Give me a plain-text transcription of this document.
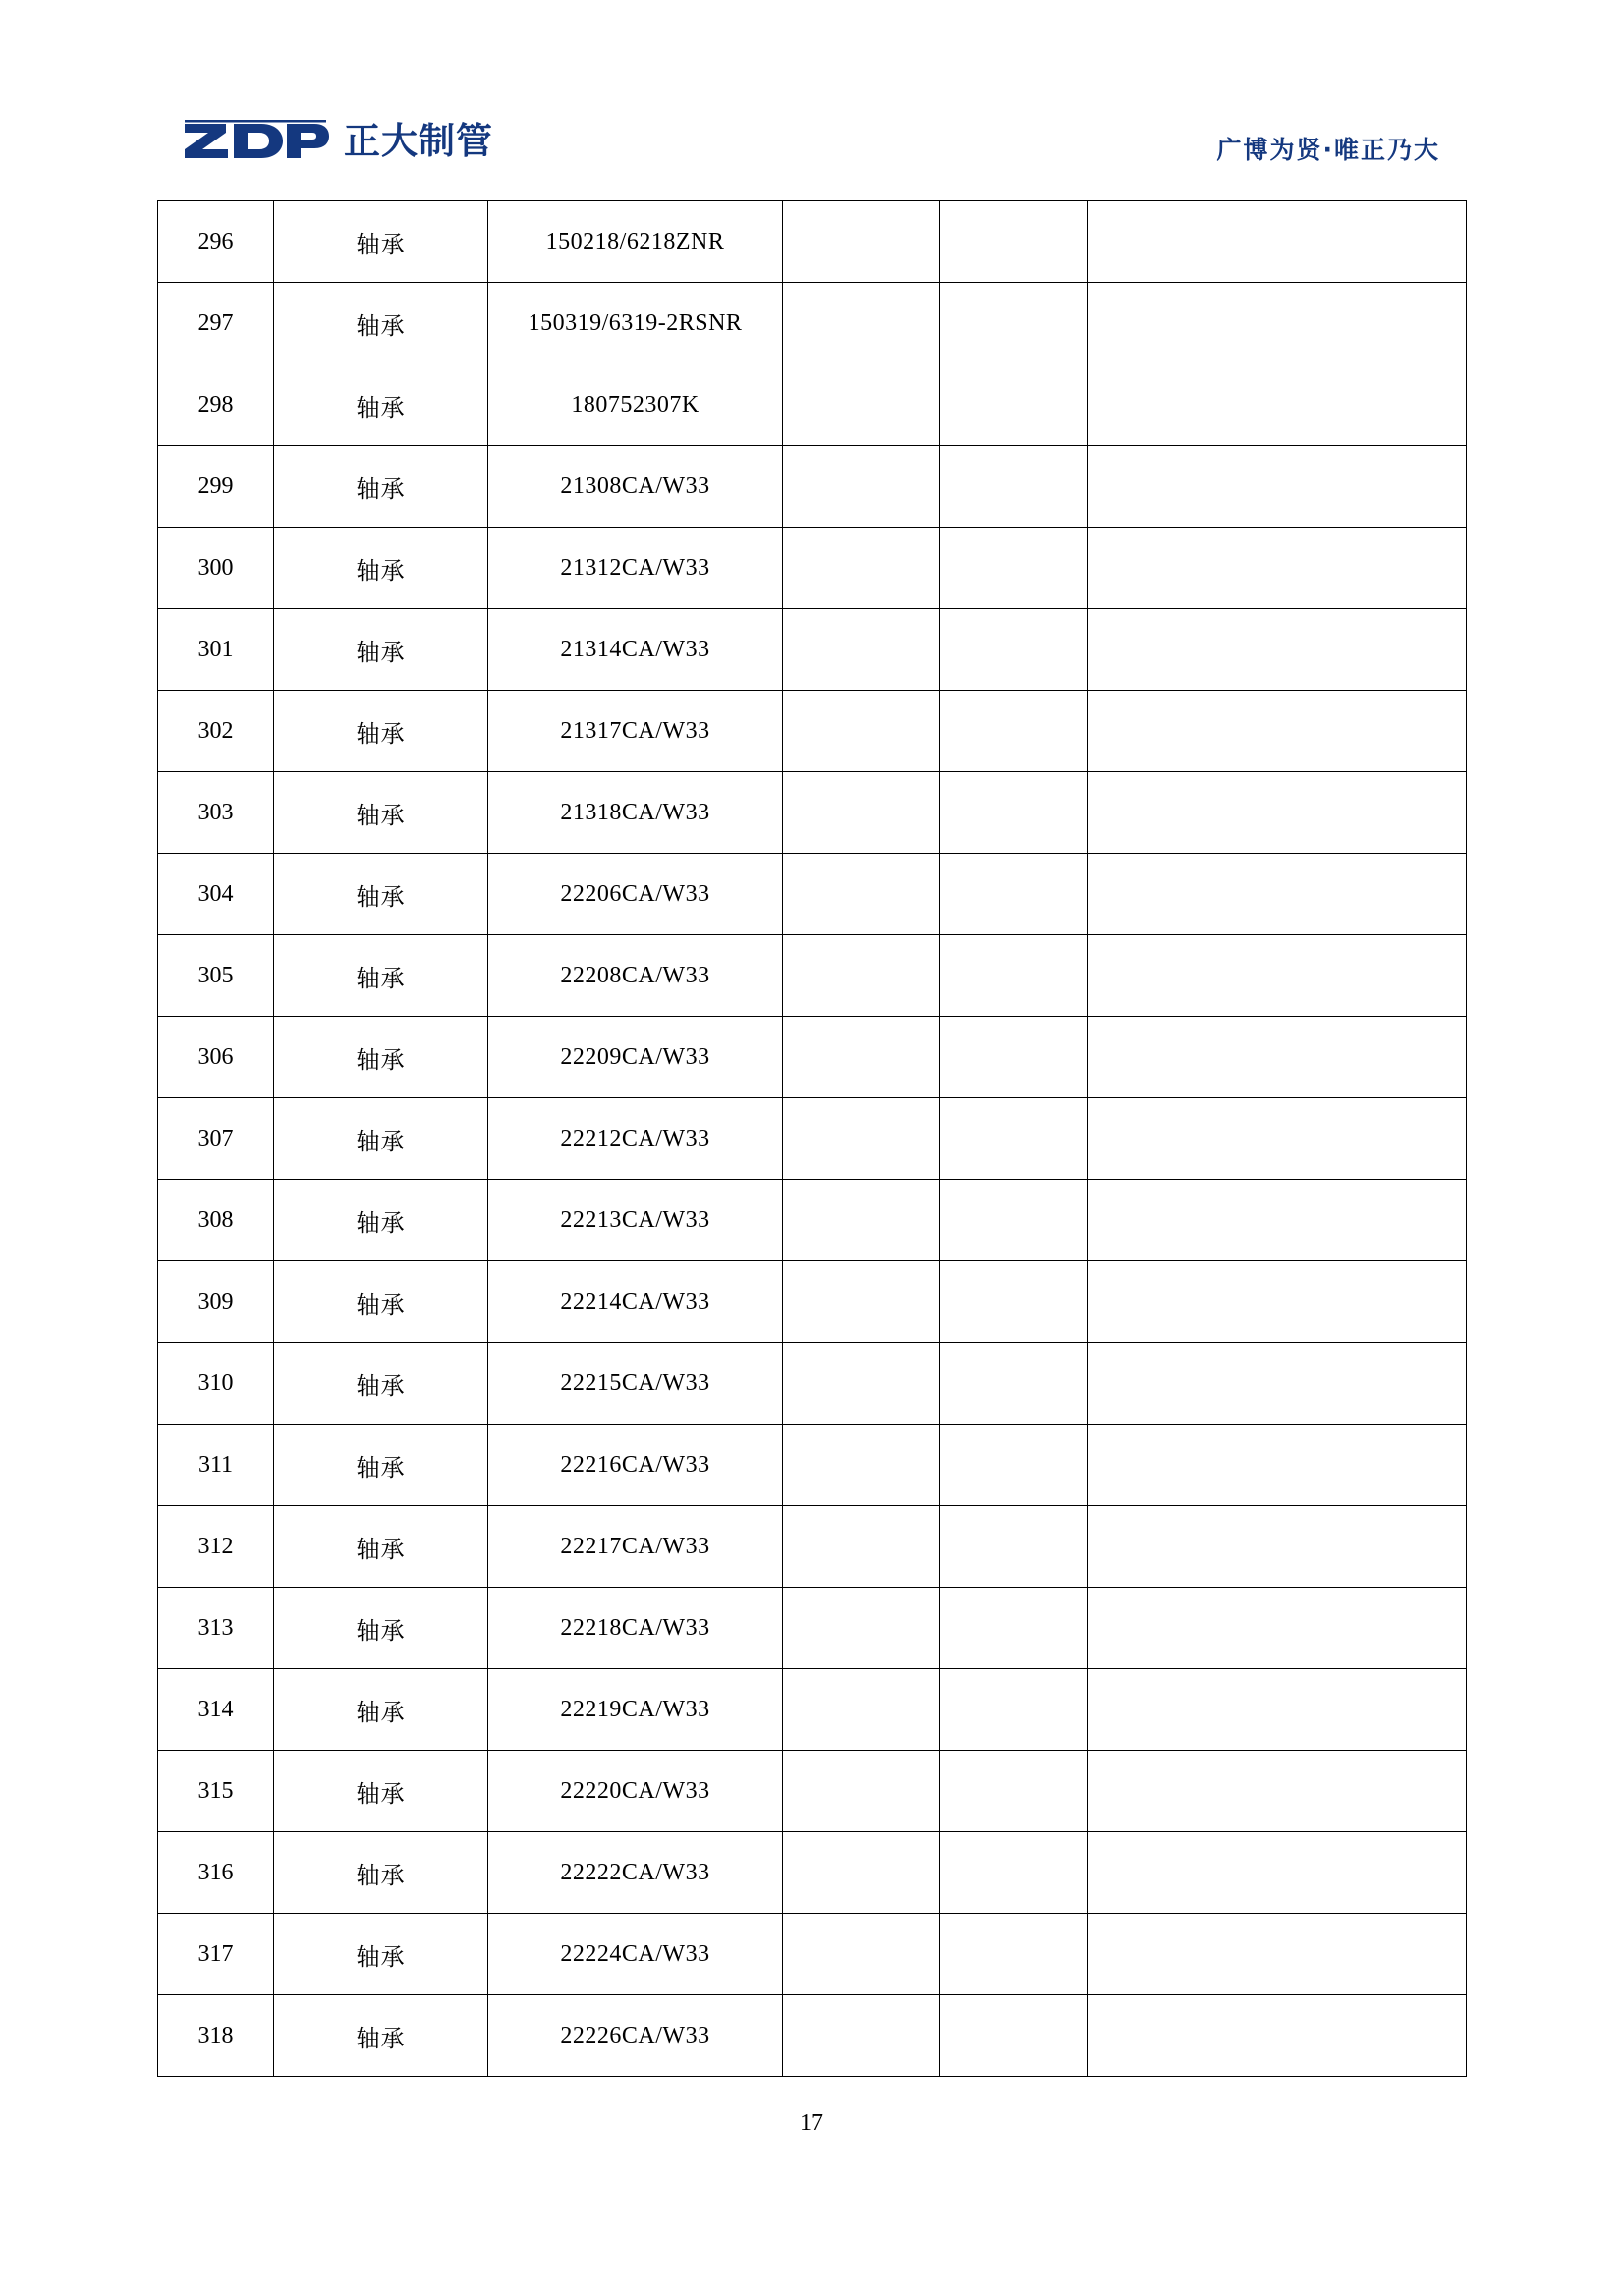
正大制管	广博为贤·唯正乃大
296	轴承	150218/6218ZNR			
297	轴承	150319/6319-2RSNR			
298	轴承	180752307K			
299	轴承	21308CA/W33			
300	轴承	21312CA/W33			
301	轴承	21314CA/W33			
302	轴承	21317CA/W33			
303	轴承	21318CA/W33			
304	轴承	22206CA/W33			
305	轴承	22208CA/W33			
306	轴承	22209CA/W33			
307	轴承	22212CA/W33			
308	轴承	22213CA/W33			
309	轴承	22214CA/W33			
310	轴承	22215CA/W33			
311	轴承	22216CA/W33			
312	轴承	22217CA/W33			
313	轴承	22218CA/W33			
314	轴承	22219CA/W33			
315	轴承	22220CA/W33			
316	轴承	22222CA/W33			
317	轴承	22224CA/W33			
318	轴承	22226CA/W33			
17
